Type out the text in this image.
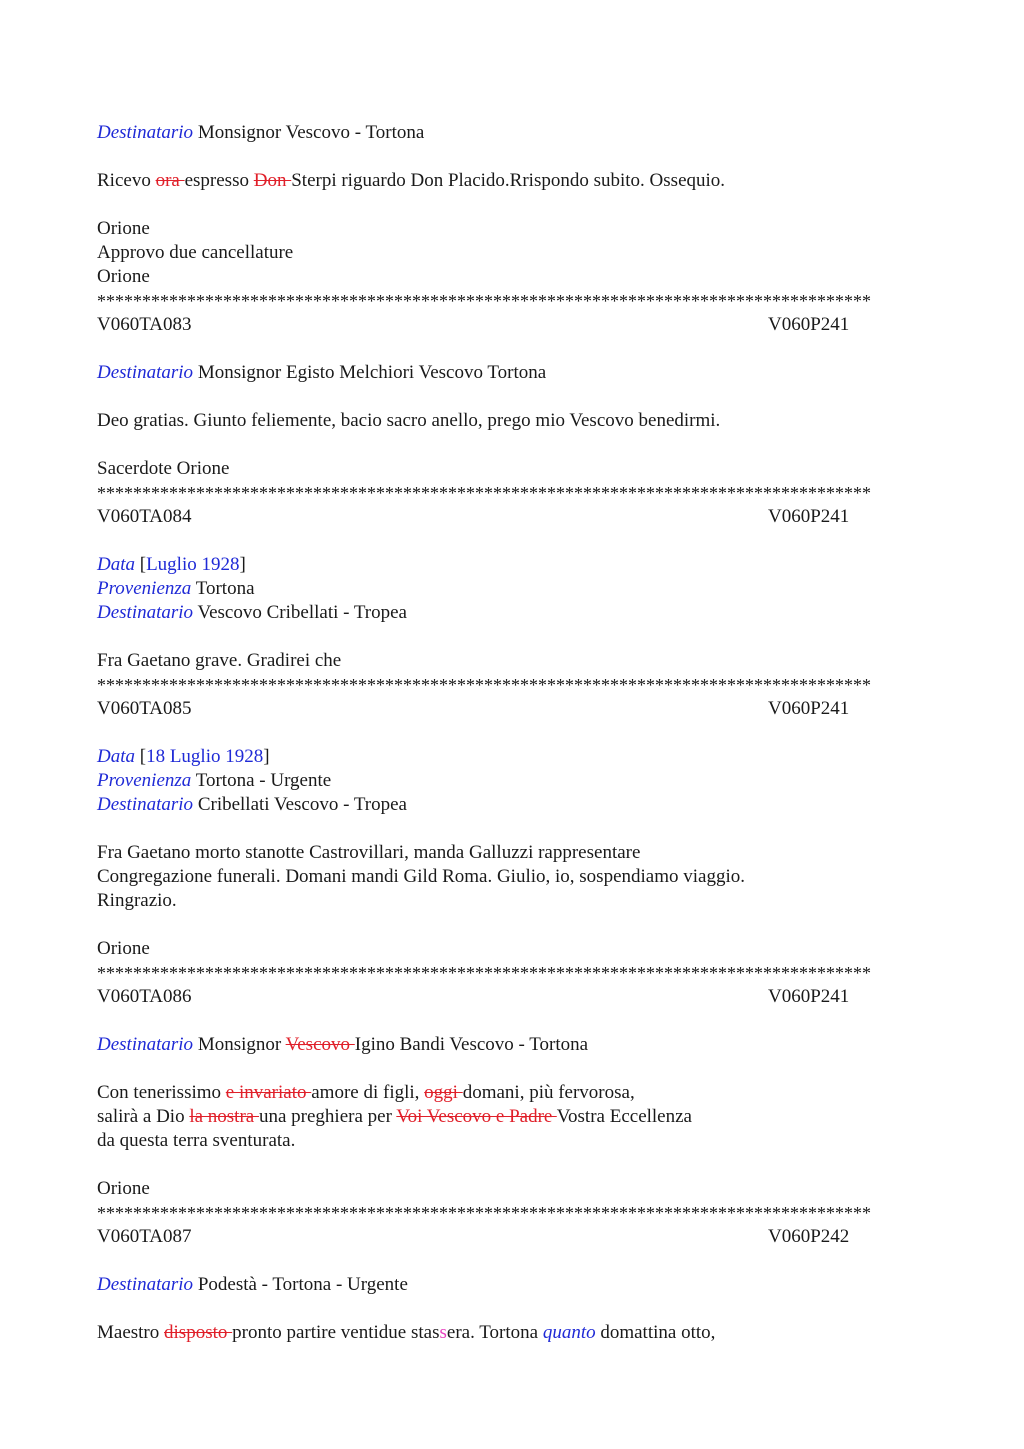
Destinatario Monsignor Vescovo - Tortona
Ricevo ora espresso Don Sterpi riguardo Don Placido.Rrispondo subito. Ossequio.
Orione
Approvo due cancellature
Orione
**************************************************************************************
V060TA083	V060P241
Destinatario Monsignor Egisto Melchiori Vescovo Tortona
Deo gratias. Giunto feliemente, bacio sacro anello, prego mio Vescovo benedirmi.
Sacerdote Orione
**************************************************************************************
V060TA084	V060P241
Data [Luglio 1928]
Provenienza Tortona
Destinatario Vescovo Cribellati - Tropea
Fra Gaetano grave. Gradirei che
**************************************************************************************
V060TA085	V060P241
Data [18 Luglio 1928]
Provenienza Tortona - Urgente
Destinatario Cribellati Vescovo - Tropea
Fra Gaetano morto stanotte Castrovillari, manda Galluzzi rappresentare
Congregazione funerali. Domani mandi Gild Roma. Giulio, io, sospendiamo viaggio.
Ringrazio.
Orione
**************************************************************************************
V060TA086	V060P241
Destinatario Monsignor Vescovo Igino Bandi Vescovo - Tortona
Con tenerissimo e invariato amore di figli, oggi domani, più fervorosa,
salirà a Dio la nostra una preghiera per Voi Vescovo e Padre Vostra Eccellenza
da questa terra sventurata.
Orione
**************************************************************************************
V060TA087	V060P242
Destinatario Podestà - Tortona - Urgente
Maestro disposto pronto partire ventidue stassera. Tortona quanto domattina otto,
